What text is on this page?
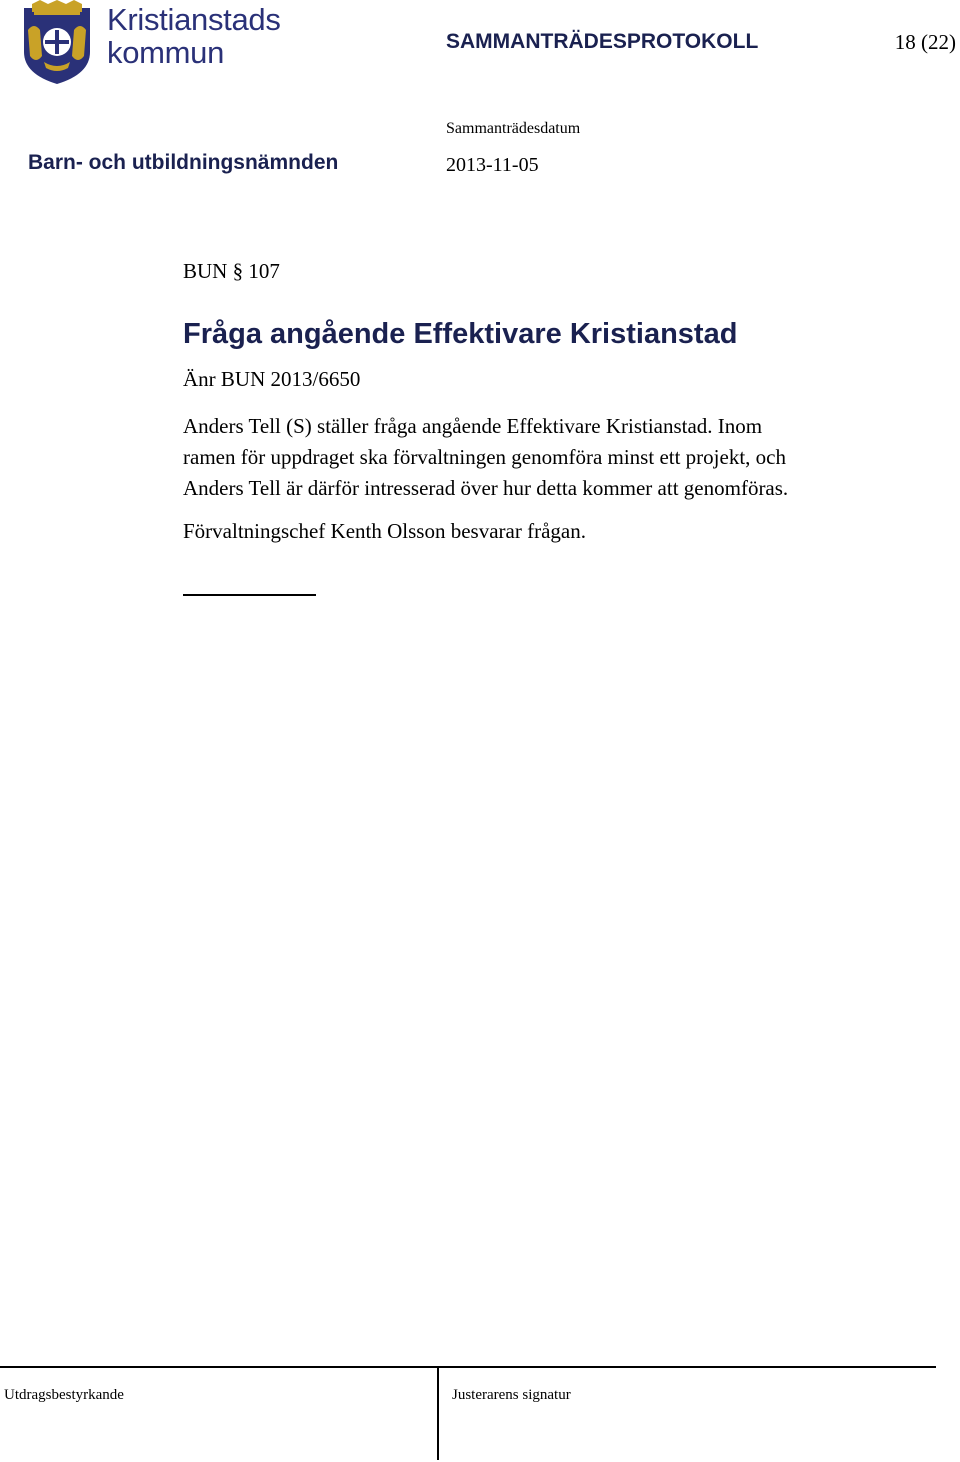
Kristianstads
kommun	SAMMANTRÄDESPROTOKOLL	18 (22)
Sammanträdesdatum
Barn- och utbildningsnämnden	2013-11-05
BUN § 107
Fråga angående Effektivare Kristianstad
Änr BUN 2013/6650
Anders Tell (S) ställer fråga angående Effektivare Kristianstad. Inom
ramen för uppdraget ska förvaltningen genomföra minst ett projekt, och
Anders Tell är därför intresserad över hur detta kommer att genomföras.
Förvaltningschef Kenth Olsson besvarar frågan.
Utdragsbestyrkande	Justerarens signatur
